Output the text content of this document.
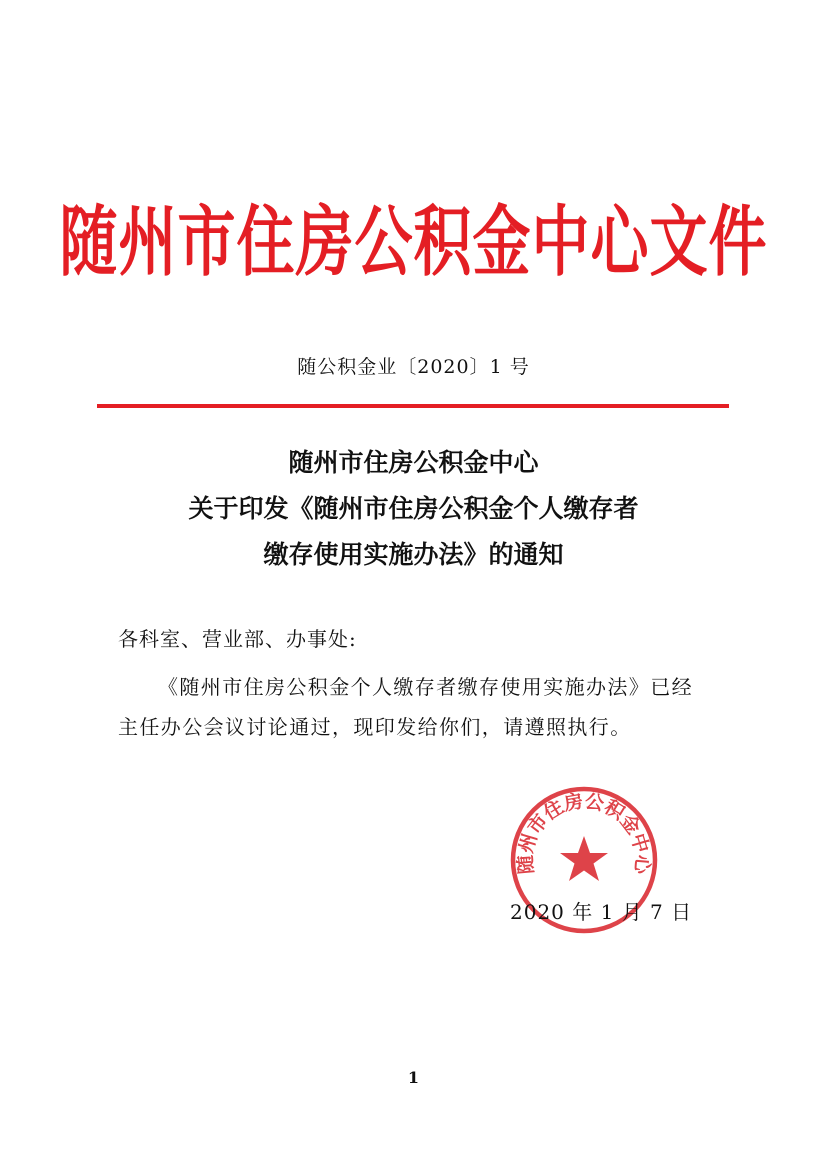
随州市住房公积金中心文件
随公积金业〔2020〕1 号
随州市住房公积金中心
关于印发《随州市住房公积金个人缴存者
缴存使用实施办法》的通知
各科室、营业部、办事处:
《随州市住房公积金个人缴存者缴存使用实施办法》已经
主任办公会议讨论通过，现印发给你们，请遵照执行。
随州市住房公积金中心
2020 年 1 月 7 日
1
